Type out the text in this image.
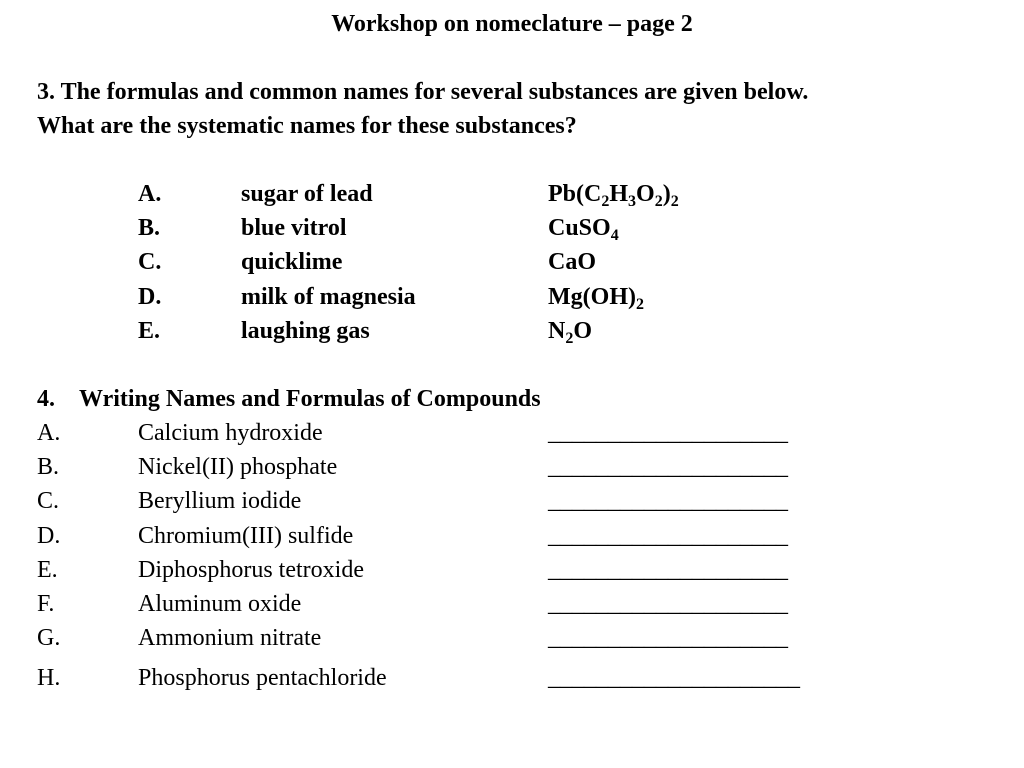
Workshop on nomeclature – page 2
3. The formulas and common names for several substances are given below.
What are the systematic names for these substances?
A.	sugar of lead	$Pb(C_2H_3O_2)_2$
B.	blue vitrol	CuSO$_4$
C.	quicklime	CaO
D.	milk of magnesia	$Mg(OH)_2$
E.	laughing gas	$N_2O$
4. Writing Names and Formulas of Compounds
A.	Calcium hydroxide	____________________
B.	Nickel(II) phosphate	____________________
C.	Beryllium iodide	____________________
D.	Chromium(III) sulfide	____________________
E.	Diphosphorus tetroxide	____________________
F.	Aluminum oxide	____________________
G.	Ammonium nitrate	____________________
H.	Phosphorus pentachloride	_____________________
